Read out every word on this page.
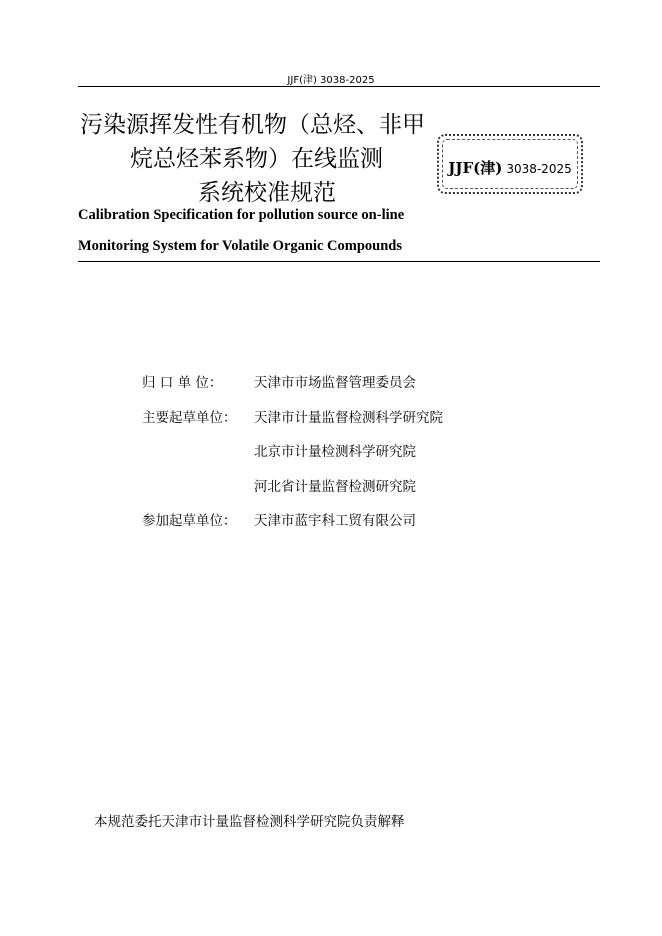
JJF(津) 3038-2025
污染源挥发性有机物（总烃、非甲
烷总烃苯系物）在线监测
系统校准规范
JJF(津) 3038-2025
Calibration Specification for pollution source on-line
Monitoring System for Volatile Organic Compounds
归 口 单 位：	天津市市场监督管理委员会
主要起草单位：	天津市计量监督检测科学研究院
北京市计量检测科学研究院
河北省计量监督检测研究院
参加起草单位：	天津市蓝宇科工贸有限公司
本规范委托天津市计量监督检测科学研究院负责解释
